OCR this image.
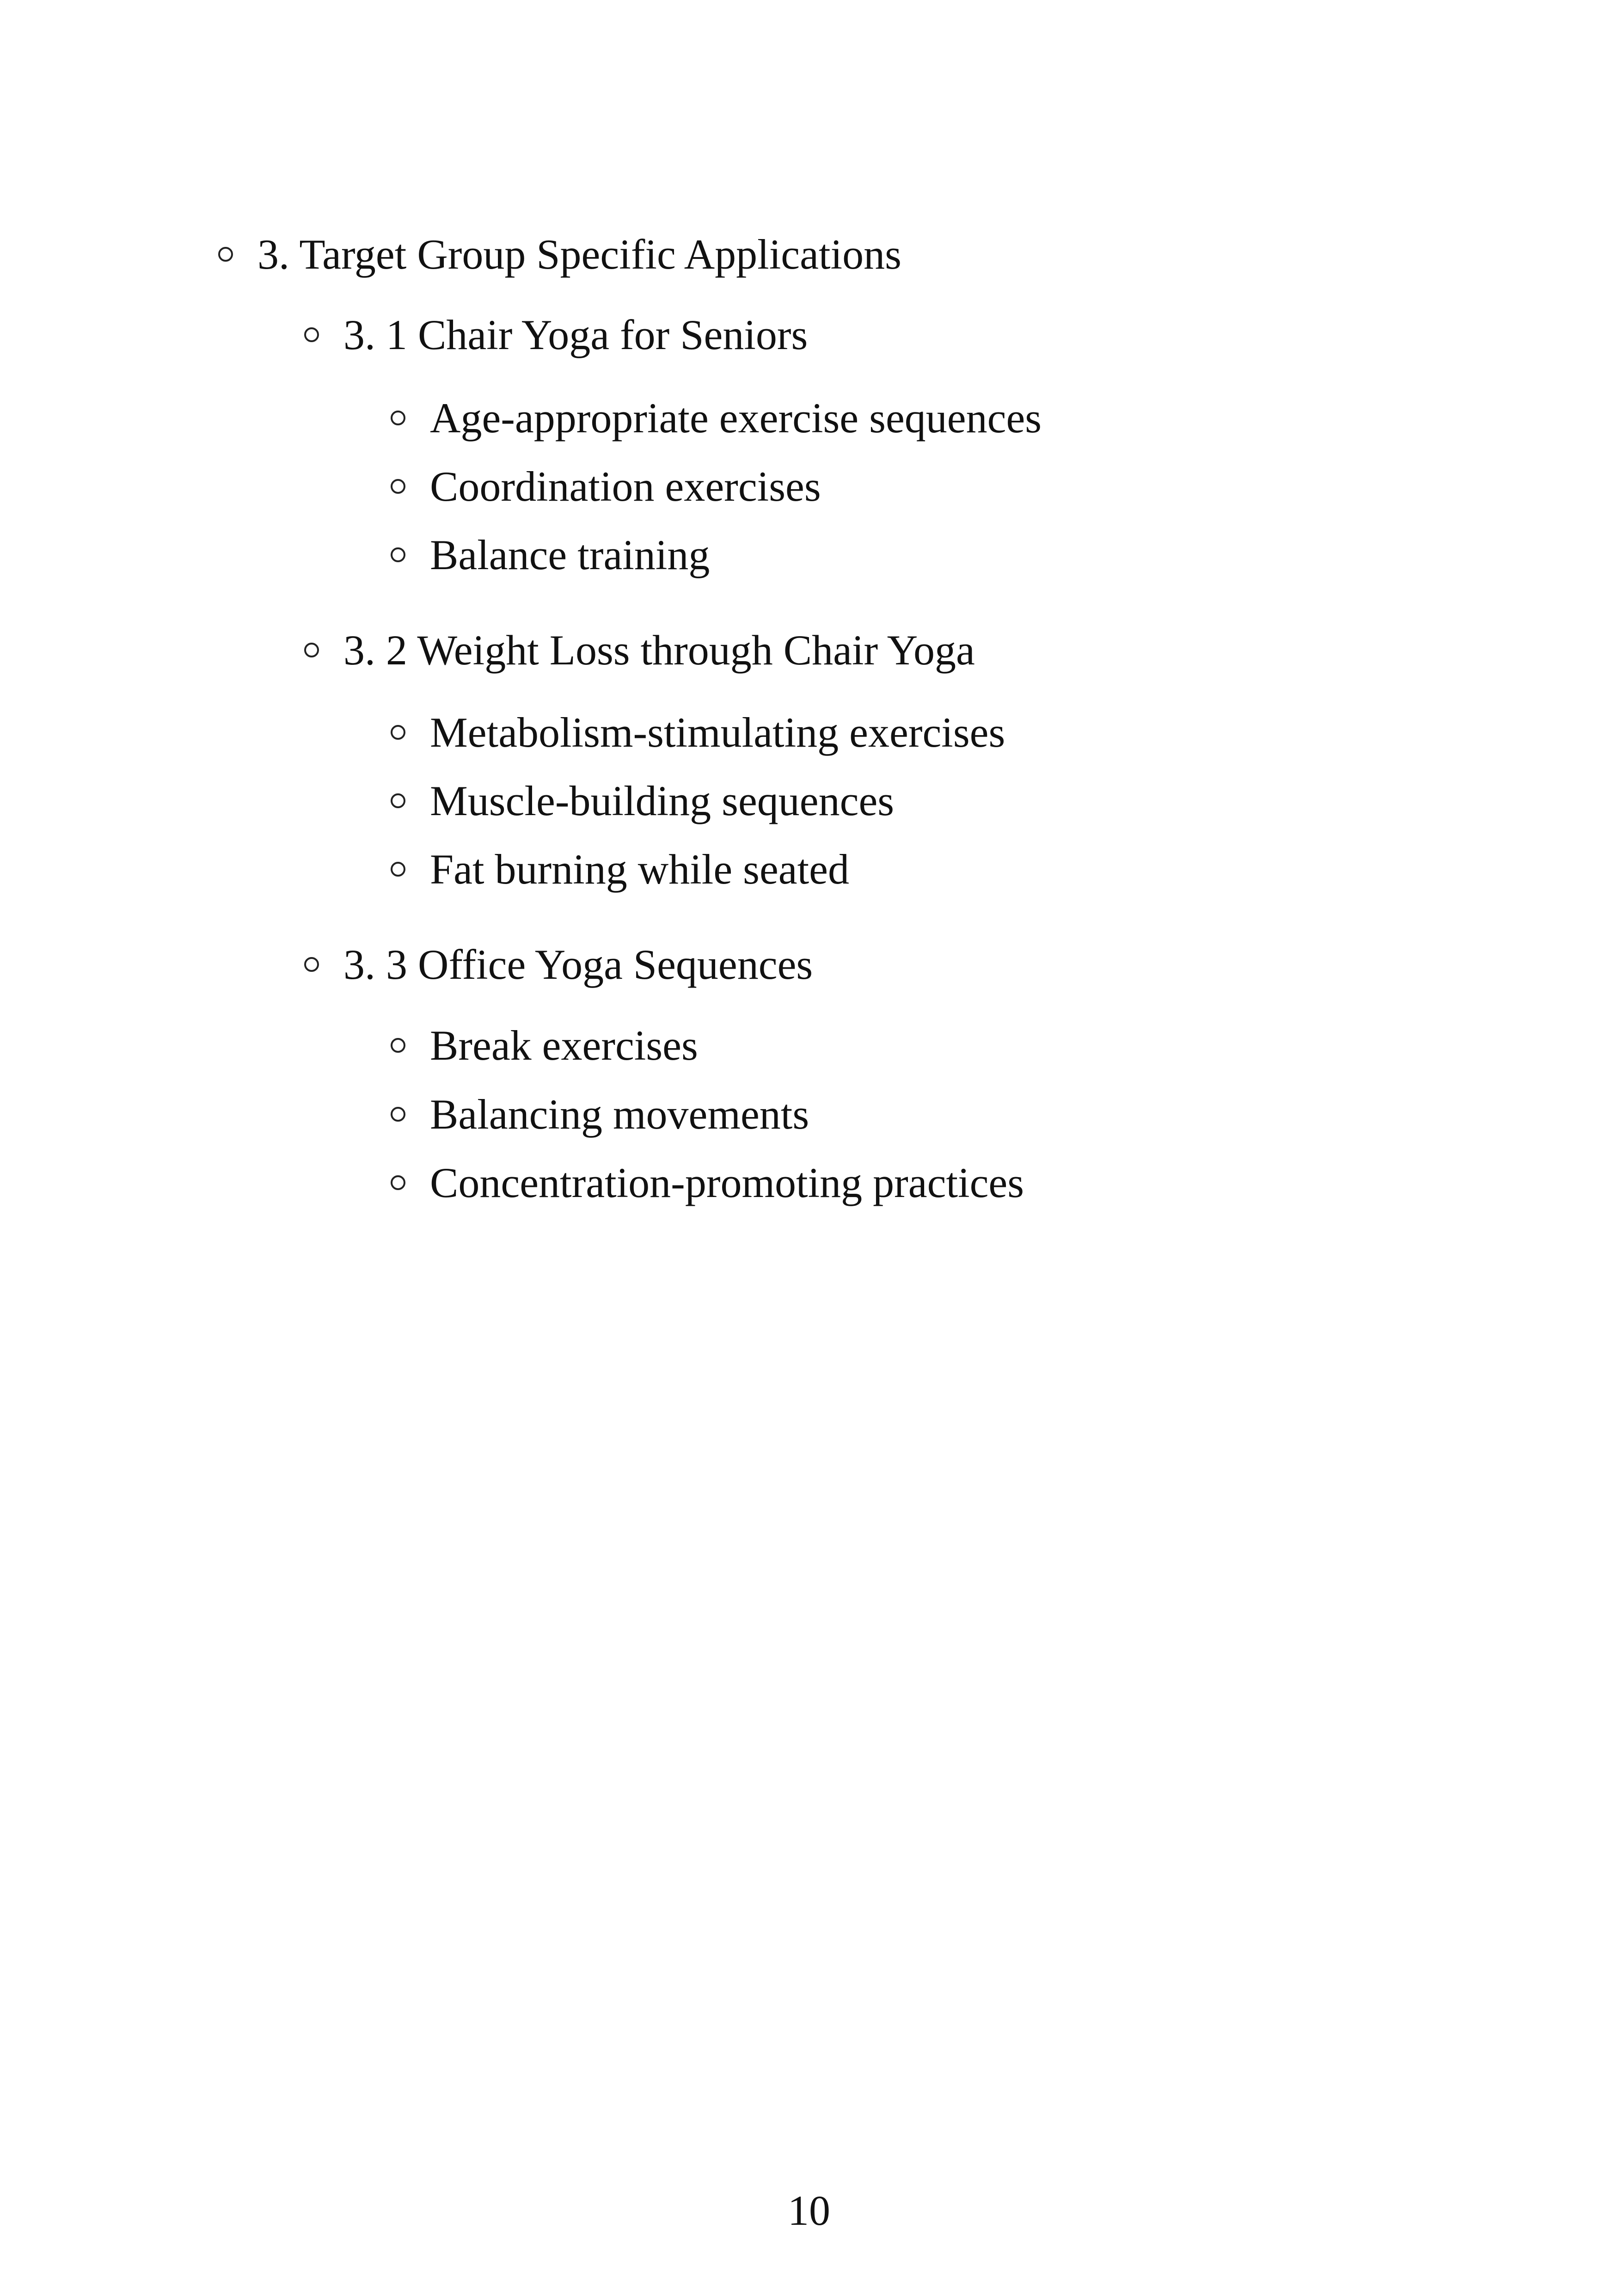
3. Target Group Specific Applications
3. 1 Chair Yoga for Seniors
Age-appropriate exercise sequences
Coordination exercises
Balance training
3. 2 Weight Loss through Chair Yoga
Metabolism-stimulating exercises
Muscle-building sequences
Fat burning while seated
3. 3 Office Yoga Sequences
Break exercises
Balancing movements
Concentration-promoting practices
10
